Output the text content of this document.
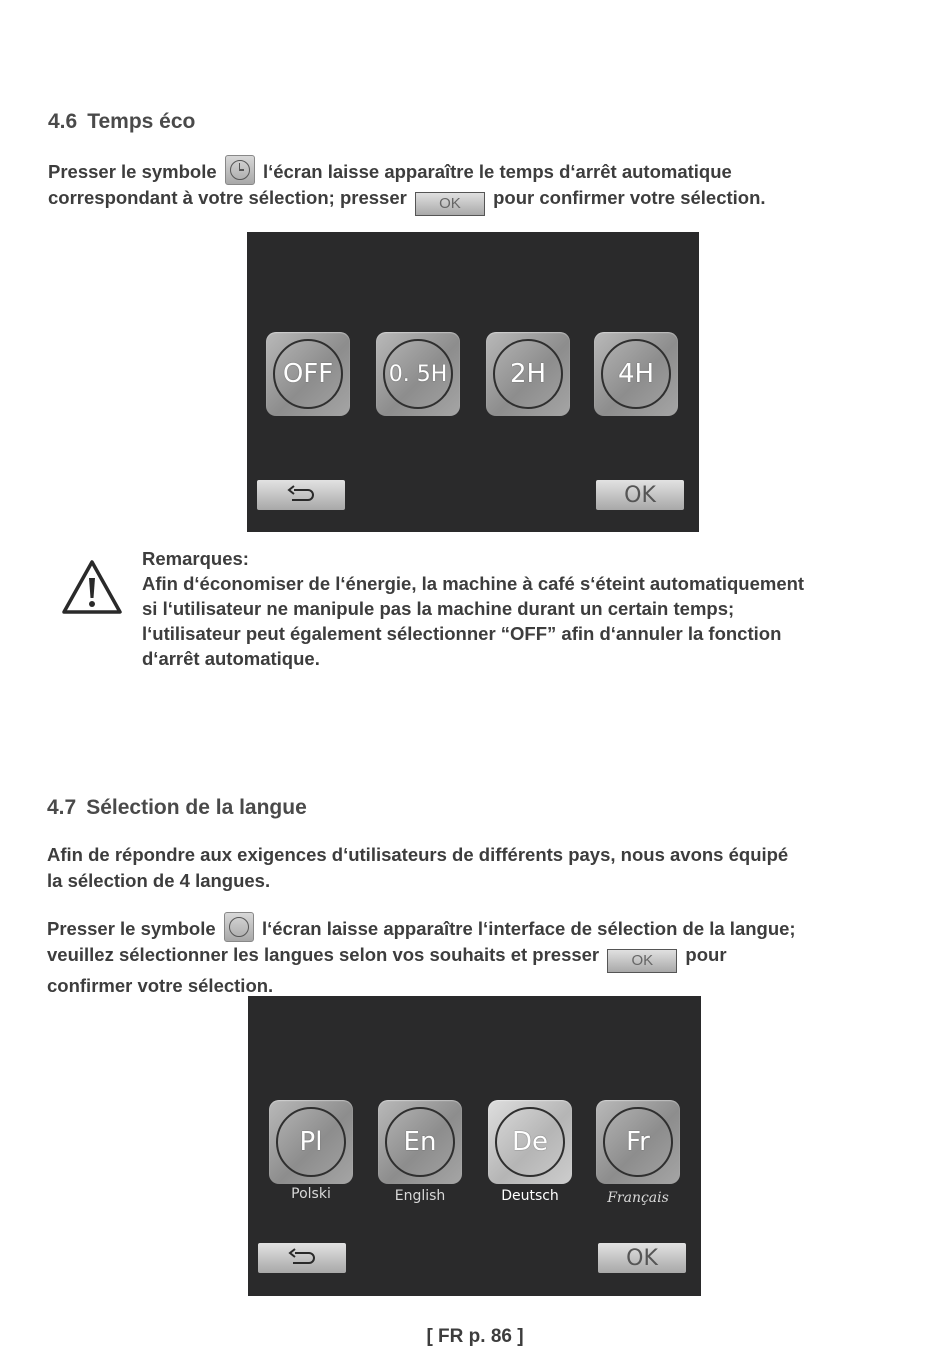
4.6 Temps éco
Presser le symbole	l‘écran laisse apparaître le temps d‘arrêt automatique
correspondant à votre sélection; presser OK pour confirmer votre sélection.
OFF	0. 5H	2H	4H
OK
Remarques:
Afin d‘économiser de l‘énergie, la machine à café s‘éteint automatiquement
si l‘utilisateur ne manipule pas la machine durant un certain temps;
l‘utilisateur peut également sélectionner “OFF” afin d‘annuler la fonction
d‘arrêt automatique.
4.7 Sélection de la langue
Afin de répondre aux exigences d‘utilisateurs de différents pays, nous avons équipé
la sélection de 4 langues.
Presser le symbole	l‘écran laisse apparaître l‘interface de sélection de la langue;
veuillez sélectionner les langues selon vos souhaits et presser OK pour
confirmer votre sélection.
Pl
Polski
En
English
De
Deutsch
Fr
Français
OK
[ FR p. 86 ]
